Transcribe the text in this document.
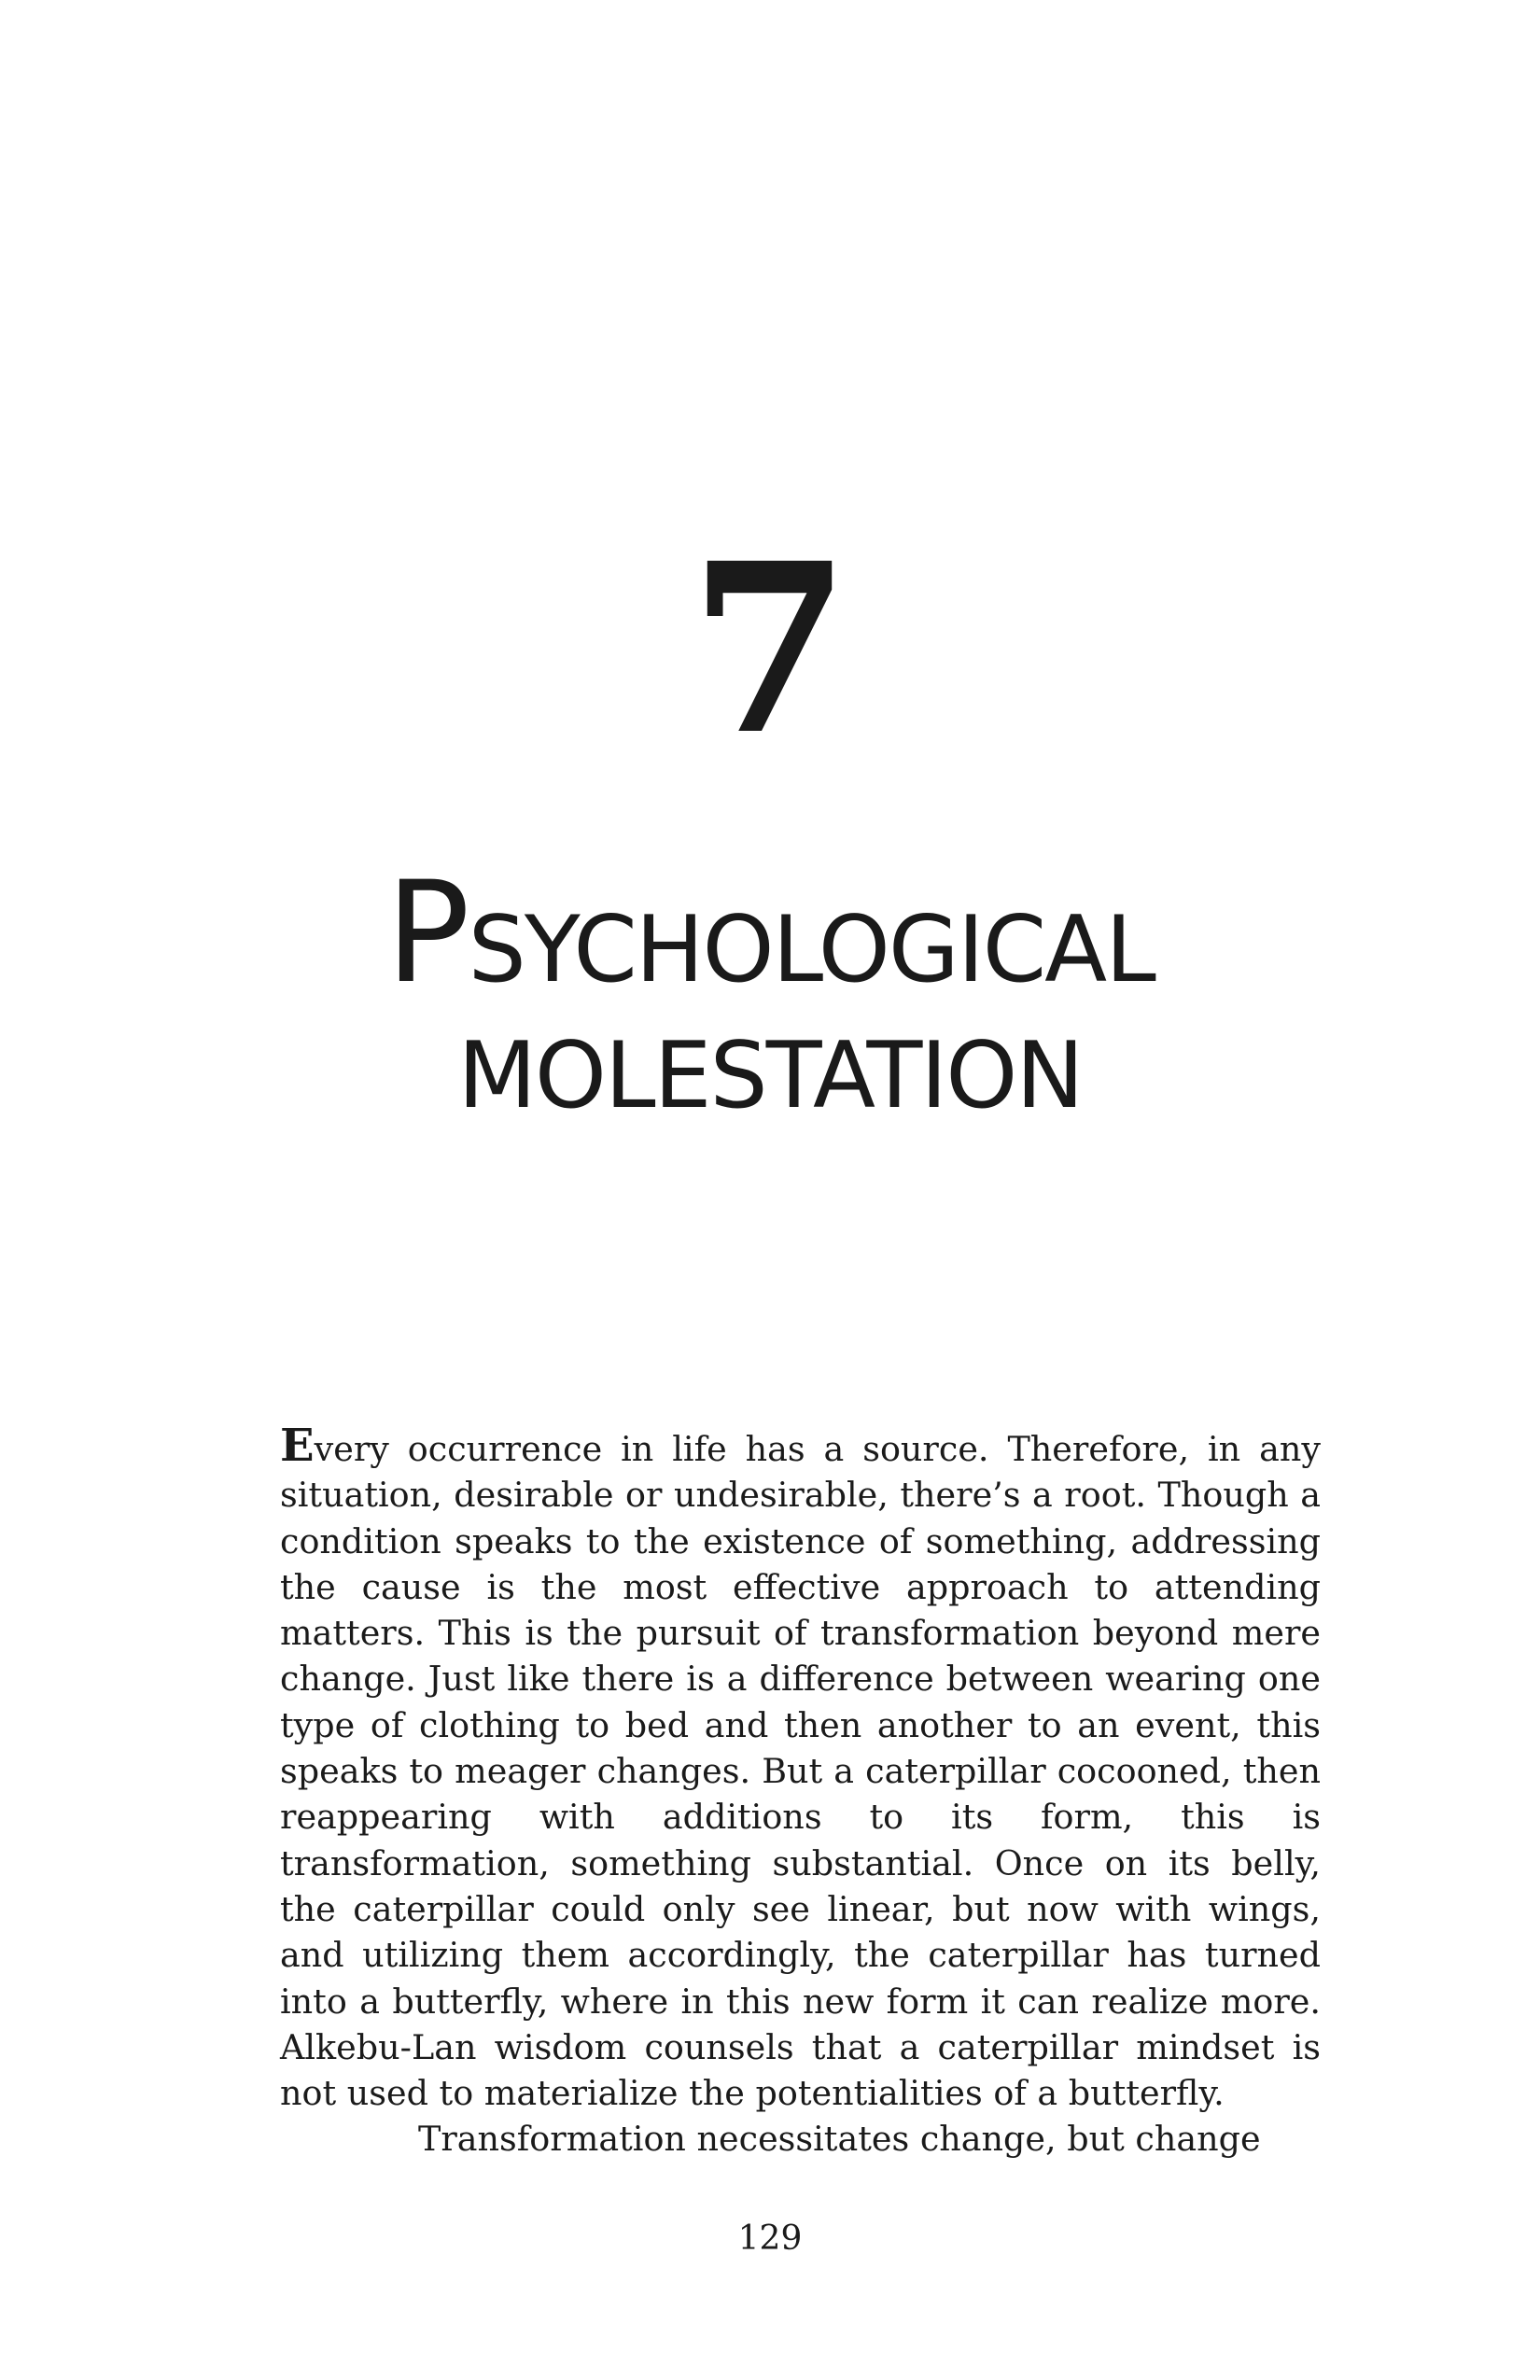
7
PSYCHOLOGICAL
MOLESTATION

Every occurrence in life has a source. Therefore, in any situation, desirable or undesirable, there’s a root. Though a condition speaks to the existence of something, addressing the cause is the most effective approach to attending matters. This is the pursuit of transformation beyond mere change. Just like there is a difference between wearing one type of clothing to bed and then another to an event, this speaks to meager changes. But a caterpillar cocooned, then reappearing with additions to its form, this is transformation, something substantial. Once on its belly, the caterpillar could only see linear, but now with wings, and utilizing them accordingly, the caterpillar has turned into a butterfly, where in this new form it can realize more. Alkebu-Lan wisdom counsels that a caterpillar mindset is not used to materialize the potentialities of a butterfly.

Transformation necessitates change, but change

129
